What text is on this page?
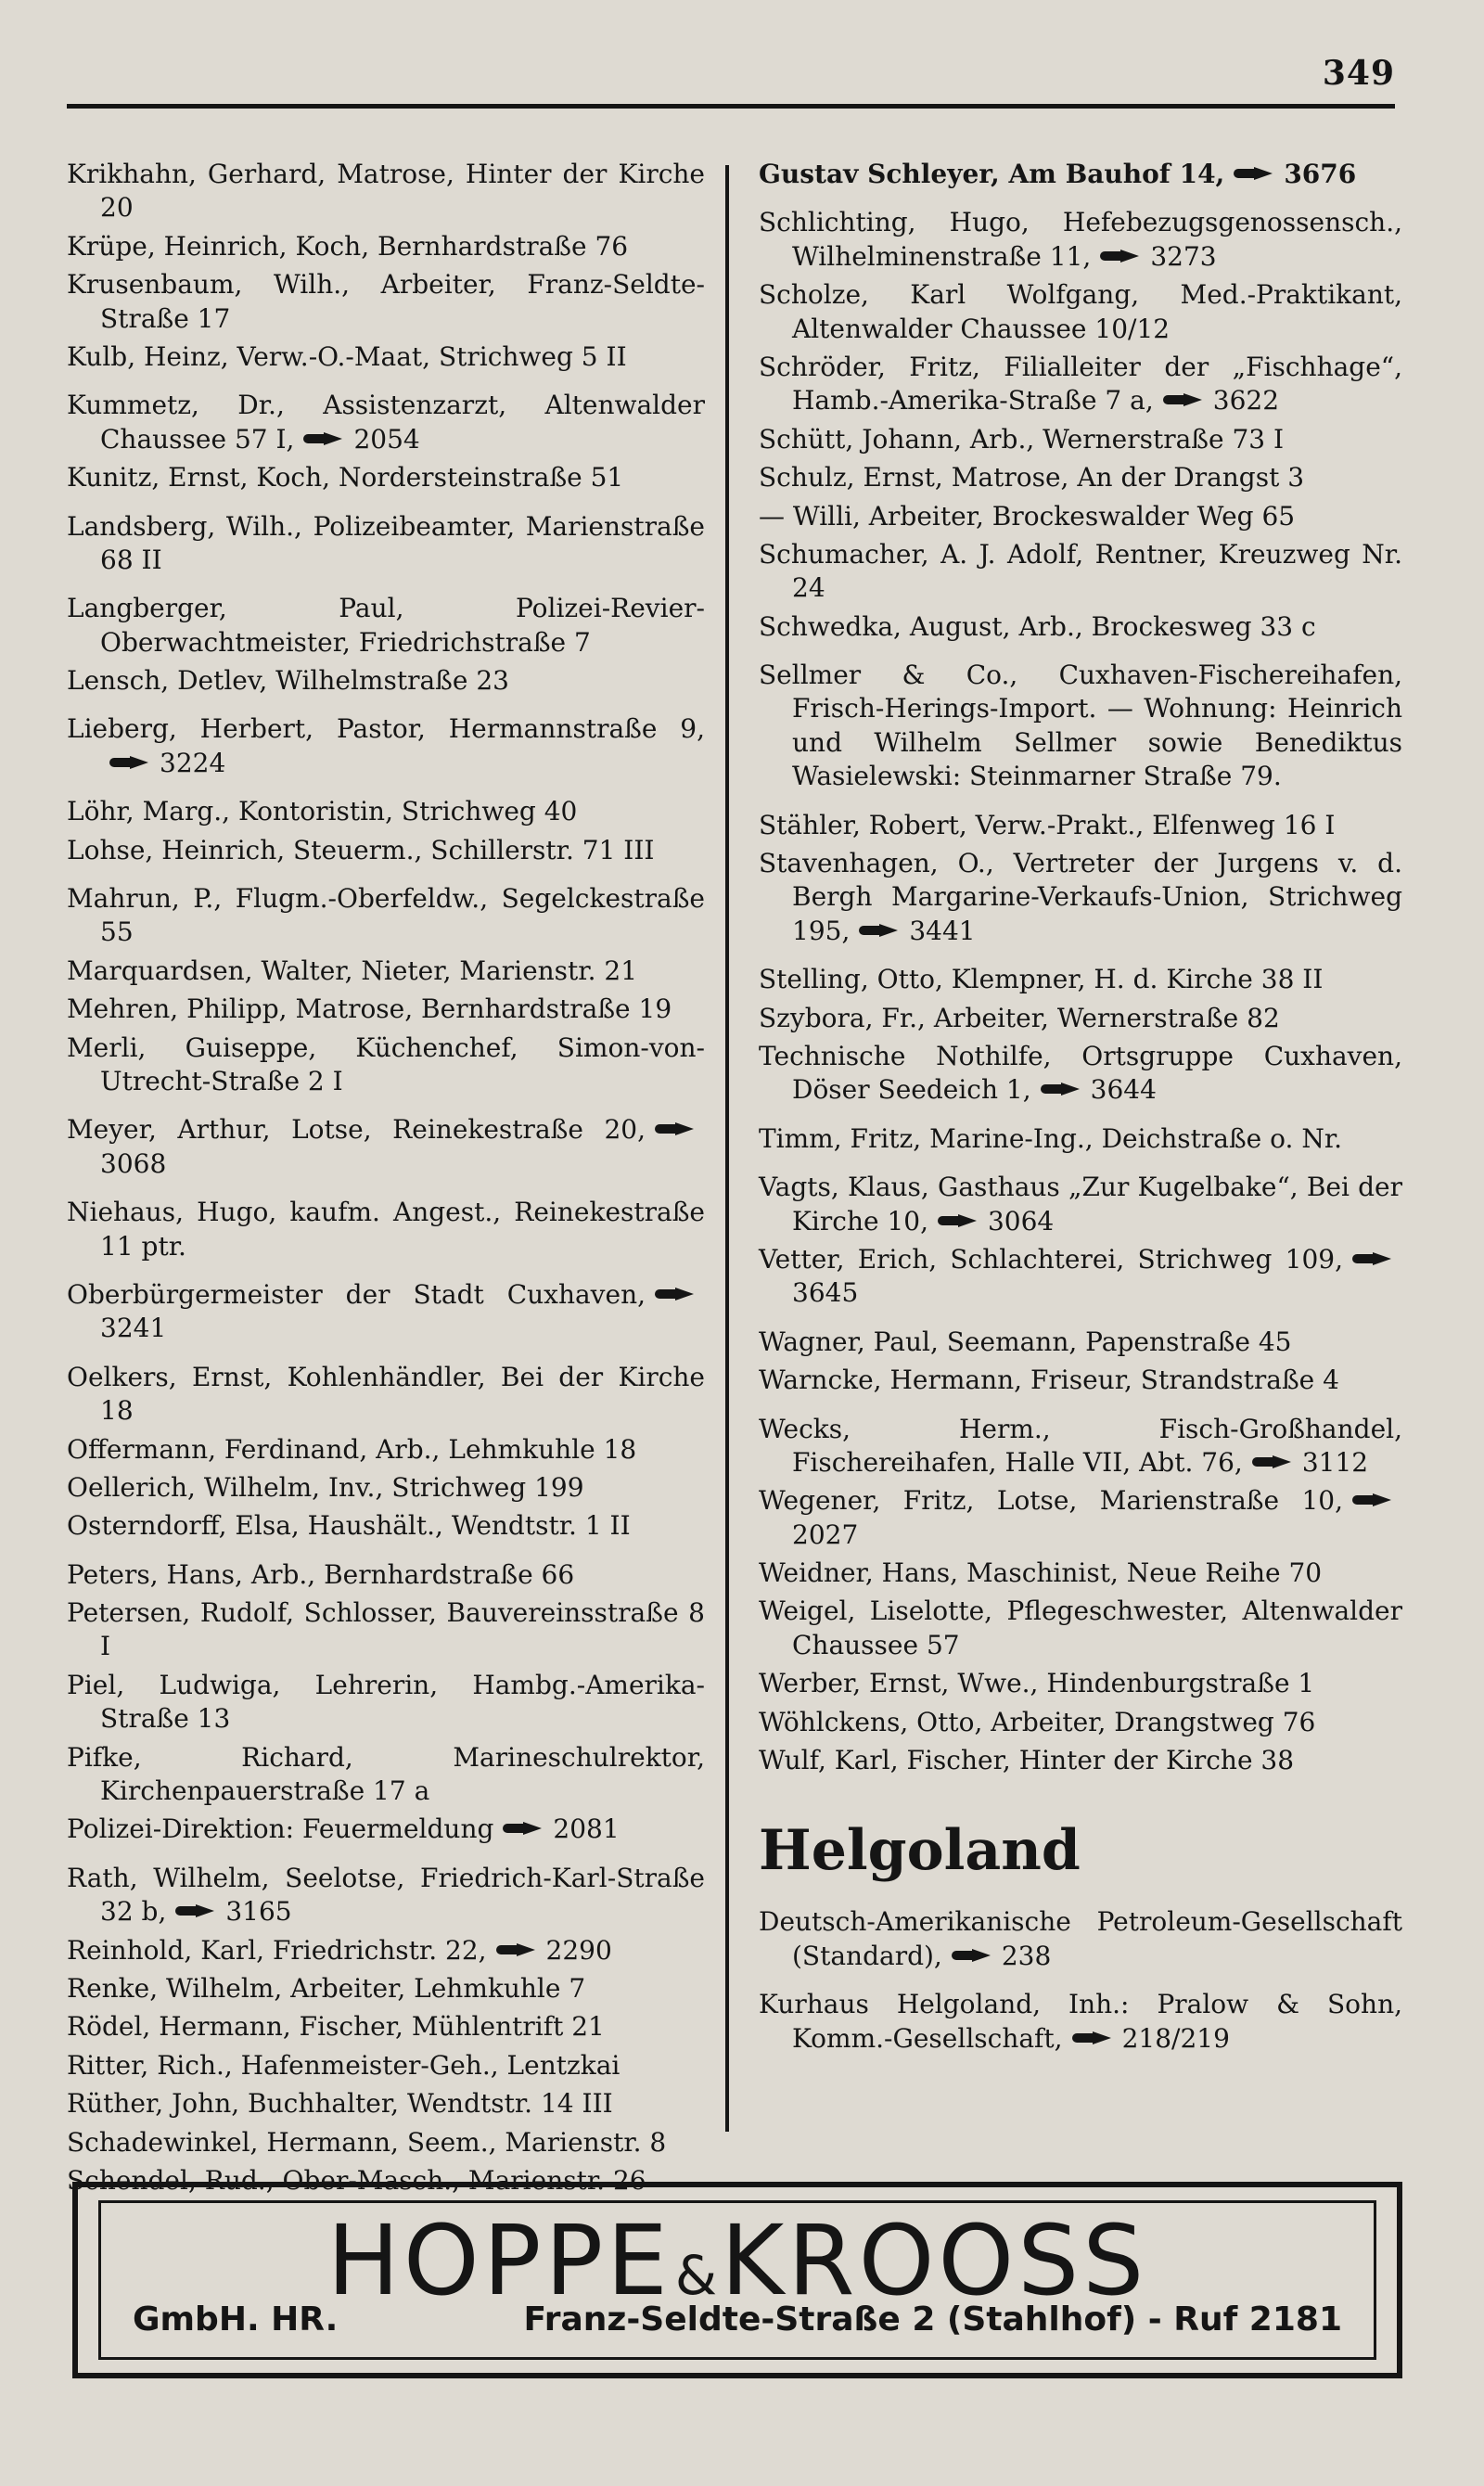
349
Krikhahn, Gerhard, Matrose, Hinter der Kirche 20
Krüpe, Heinrich, Koch, Bernhardstraße 76
Krusenbaum, Wilh., Arbeiter, Franz-Seldte-Straße 17
Kulb, Heinz, Verw.-O.-Maat, Strichweg 5 II
Kummetz, Dr., Assistenzarzt, Altenwalder Chaussee 57 I, 2054
Kunitz, Ernst, Koch, Nordersteinstraße 51
Landsberg, Wilh., Polizeibeamter, Marienstraße 68 II
Langberger, Paul, Polizei-Revier-Oberwachtmeister, Friedrichstraße 7
Lensch, Detlev, Wilhelmstraße 23
Lieberg, Herbert, Pastor, Hermannstraße 9,3224
Löhr, Marg., Kontoristin, Strichweg 40
Lohse, Heinrich, Steuerm., Schillerstr. 71 III
Mahrun, P., Flugm.-Oberfeldw., Segelckestraße 55
Marquardsen, Walter, Nieter, Marienstr. 21
Mehren, Philipp, Matrose, Bernhardstraße 19
Merli, Guiseppe, Küchenchef, Simon-von-Utrecht-Straße 2 I
Meyer, Arthur, Lotse, Reinekestraße 20,3068
Niehaus, Hugo, kaufm. Angest., Reinekestraße 11 ptr.
Oberbürgermeister der Stadt Cuxhaven,3241
Oelkers, Ernst, Kohlenhändler, Bei der Kirche 18
Offermann, Ferdinand, Arb., Lehmkuhle 18
Oellerich, Wilhelm, Inv., Strichweg 199
Osterndorff, Elsa, Haushält., Wendtstr. 1 II
Peters, Hans, Arb., Bernhardstraße 66
Petersen, Rudolf, Schlosser, Bauvereinsstraße 8 I
Piel, Ludwiga, Lehrerin, Hambg.-Amerika-Straße 13
Pifke, Richard, Marineschulrektor, Kirchenpauerstraße 17 a
Polizei-Direktion: Feuermeldung 2081
Rath, Wilhelm, Seelotse, Friedrich-Karl-Straße 32 b, 3165
Reinhold, Karl, Friedrichstr. 22, 2290
Renke, Wilhelm, Arbeiter, Lehmkuhle 7
Rödel, Hermann, Fischer, Mühlentrift 21
Ritter, Rich., Hafenmeister-Geh., Lentzkai
Rüther, John, Buchhalter, Wendtstr. 14 III
Schadewinkel, Hermann, Seem., Marienstr. 8
Schendel, Rud., Ober-Masch., Marienstr. 26
Gustav Schleyer, Am Bauhof 14, 3676
Schlichting, Hugo, Hefebezugsgenossensch., Wilhelminenstraße 11, 3273
Scholze, Karl Wolfgang, Med.-Praktikant, Altenwalder Chaussee 10/12
Schröder, Fritz, Filialleiter der „Fischhage“, Hamb.-Amerika-Straße 7 a, 3622
Schütt, Johann, Arb., Wernerstraße 73 I
Schulz, Ernst, Matrose, An der Drangst 3
— Willi, Arbeiter, Brockeswalder Weg 65
Schumacher, A. J. Adolf, Rentner, Kreuzweg Nr. 24
Schwedka, August, Arb., Brockesweg 33 c
Sellmer & Co., Cuxhaven-Fischereihafen, Frisch-Herings-Import. — Wohnung: Heinrich und Wilhelm Sellmer sowie Benediktus Wasielewski: Steinmarner Straße 79.
Stähler, Robert, Verw.-Prakt., Elfenweg 16 I
Stavenhagen, O., Vertreter der Jurgens v. d. Bergh Margarine-Verkaufs-Union, Strichweg 195, 3441
Stelling, Otto, Klempner, H. d. Kirche 38 II
Szybora, Fr., Arbeiter, Wernerstraße 82
Technische Nothilfe, Ortsgruppe Cuxhaven, Döser Seedeich 1, 3644
Timm, Fritz, Marine-Ing., Deichstraße o. Nr.
Vagts, Klaus, Gasthaus „Zur Kugelbake“, Bei der Kirche 10, 3064
Vetter, Erich, Schlachterei, Strichweg 109,3645
Wagner, Paul, Seemann, Papenstraße 45
Warncke, Hermann, Friseur, Strandstraße 4
Wecks, Herm., Fisch-Großhandel, Fischereihafen, Halle VII, Abt. 76, 3112
Wegener, Fritz, Lotse, Marienstraße 10,2027
Weidner, Hans, Maschinist, Neue Reihe 70
Weigel, Liselotte, Pflegeschwester, Altenwalder Chaussee 57
Werber, Ernst, Wwe., Hindenburgstraße 1
Wöhlckens, Otto, Arbeiter, Drangstweg 76
Wulf, Karl, Fischer, Hinter der Kirche 38
Helgoland
Deutsch-Amerikanische Petroleum-Gesellschaft (Standard), 238
Kurhaus Helgoland, Inh.: Pralow & Sohn, Komm.-Gesellschaft, 218/219
HOPPE&KROOSS
GmbH. HR.	Franz-Seldte-Straße 2 (Stahlhof) - Ruf 2181
